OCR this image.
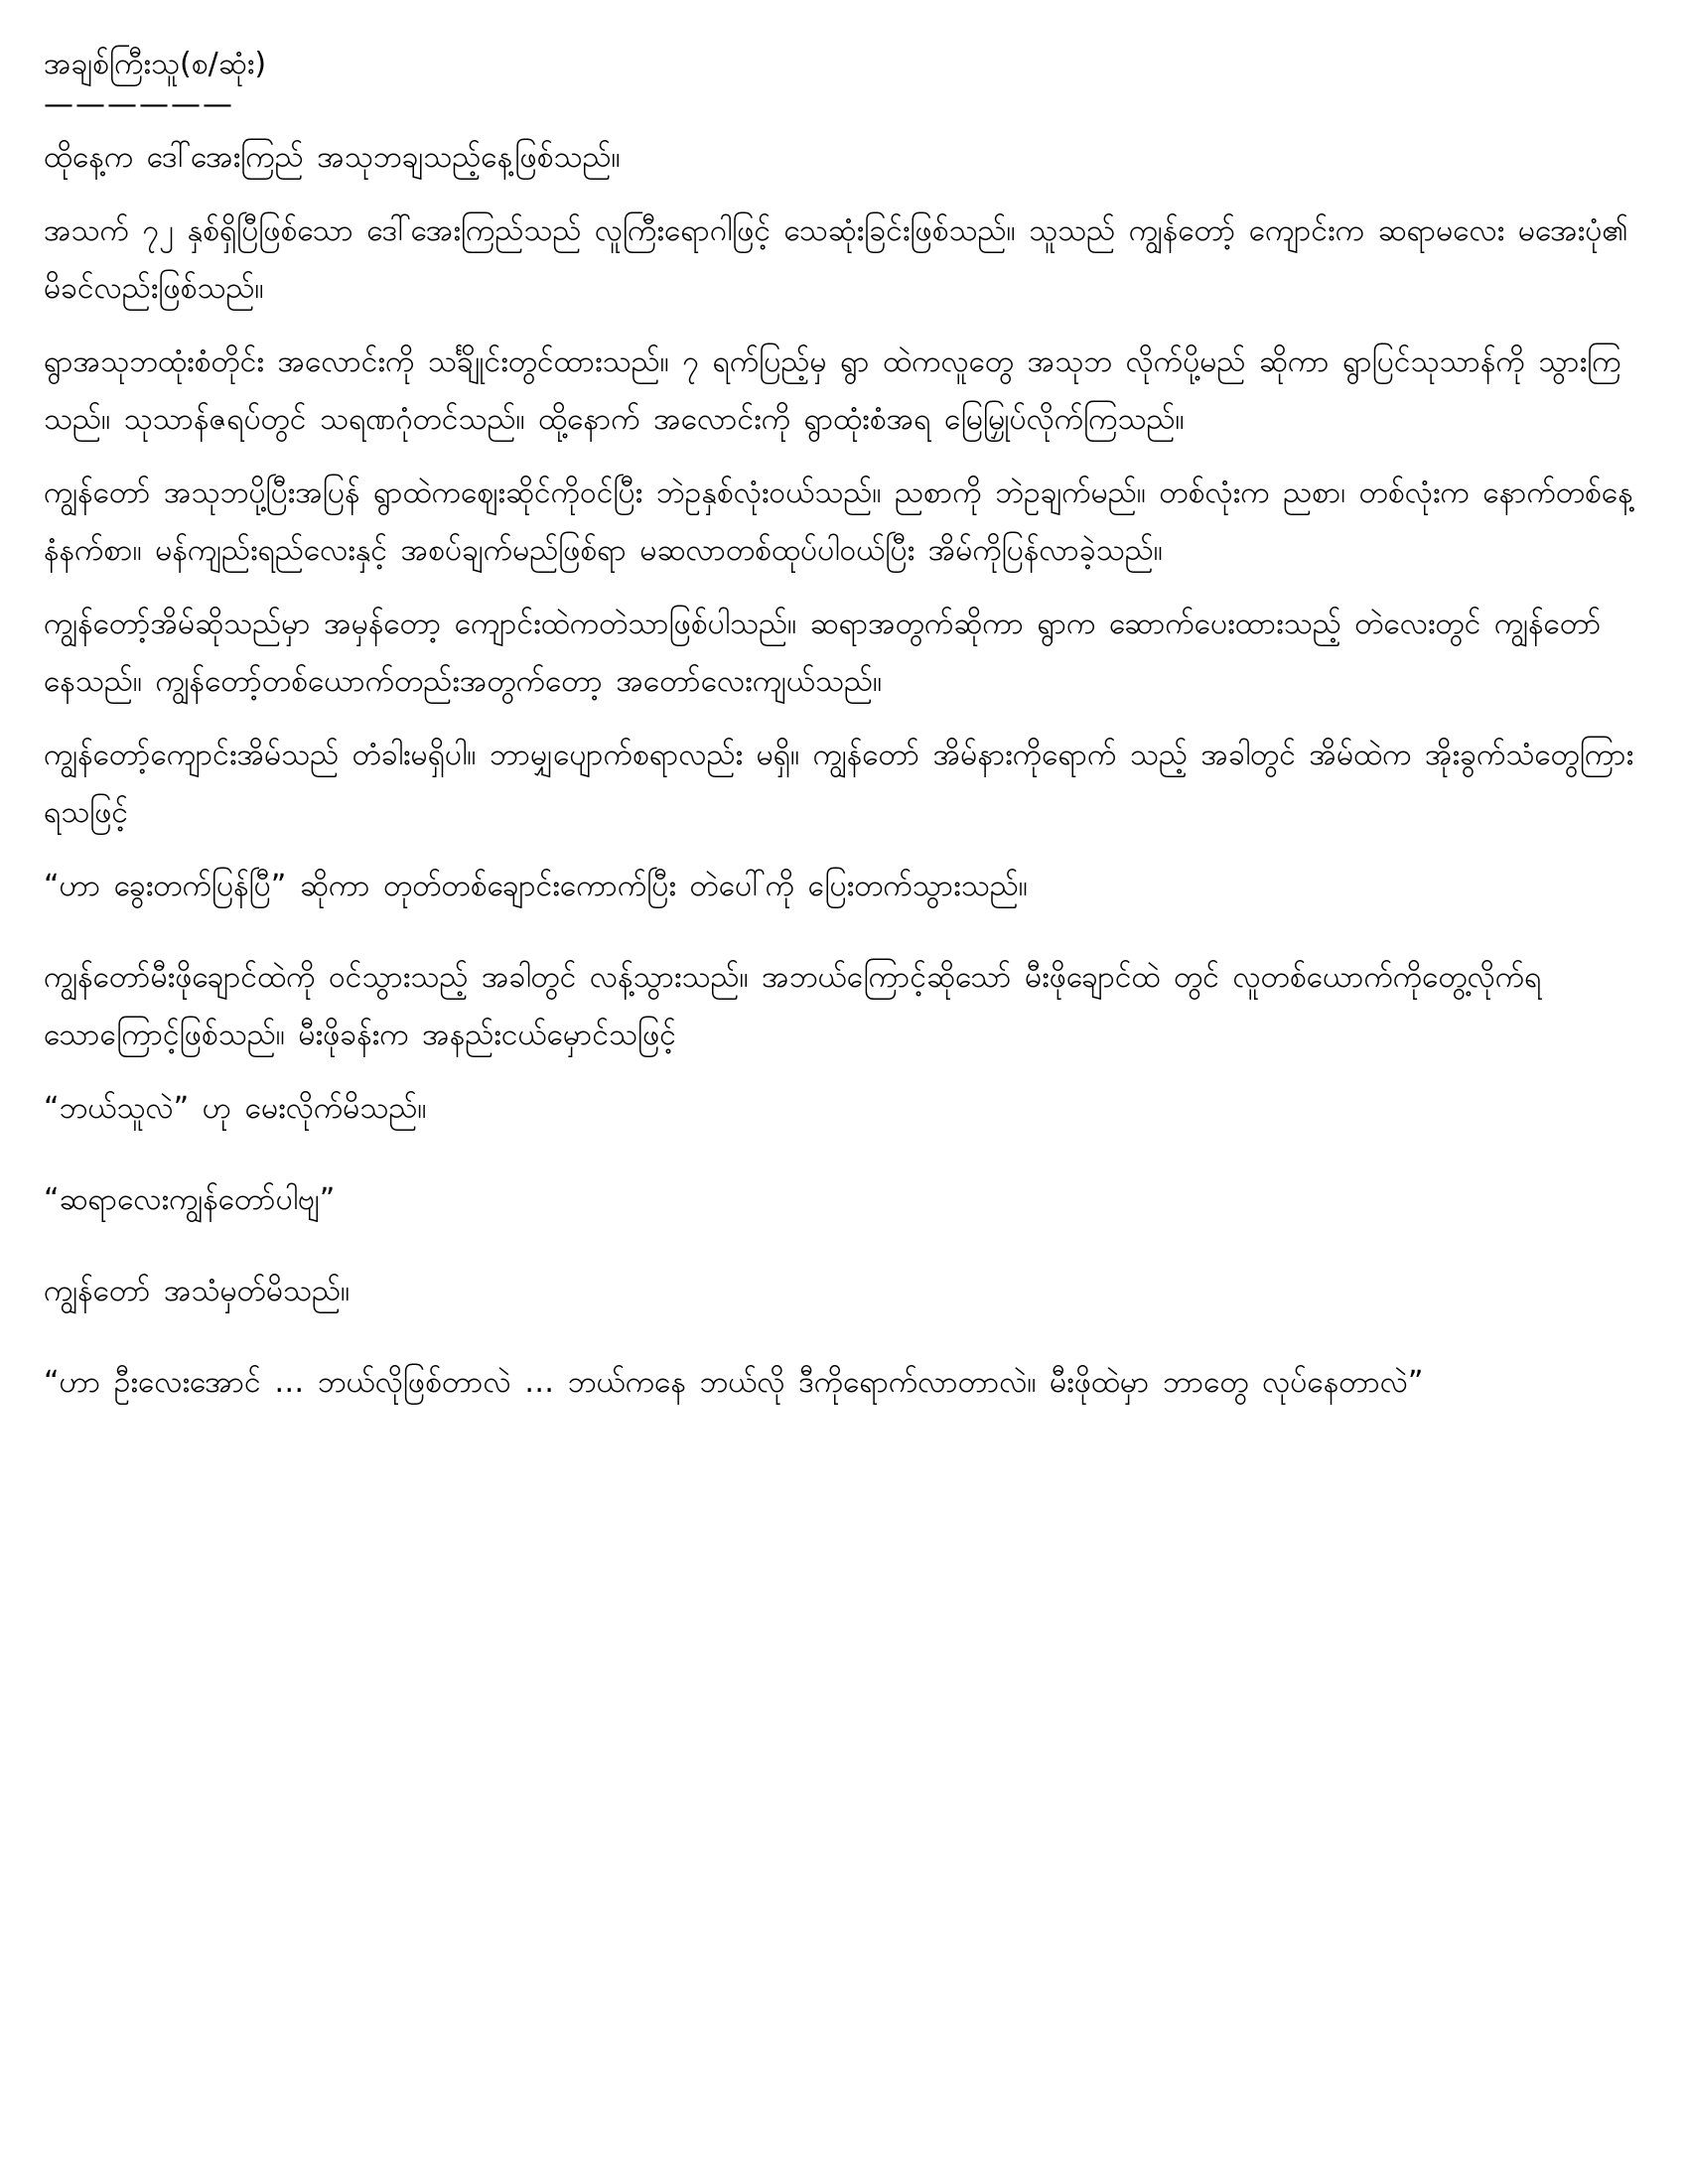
အချစ်ကြီးသူ(စ/ဆုံး)
——————

ထိုနေ့က ဒေါ်အေးကြည် အသုဘချသည့်နေ့ဖြစ်သည်။

အသက် ၇၂ နှစ်ရှိပြီဖြစ်သော ဒေါ်အေးကြည်သည် လူကြီးရောဂါဖြင့် သေဆုံးခြင်းဖြစ်သည်။ သူသည် ကျွန်တော့် ကျောင်းက ဆရာမလေး မအေးပုံ၏ မိခင်လည်းဖြစ်သည်။

ရွာအသုဘထုံးစံတိုင်း အလောင်းကို သင်္ချိုင်းတွင်ထားသည်။ ၇ ရက်ပြည့်မှ ရွာ ထဲကလူတွေ အသုဘ လိုက်ပို့မည် ဆိုကာ ရွာပြင်သုသာန်ကို သွားကြသည်။ သုသာန်ဇရပ်တွင် သရဏဂုံတင်သည်။ ထို့နောက် အလောင်းကို ရွာထုံးစံအရ မြေမြှုပ်လိုက်ကြသည်။

ကျွန်တော် အသုဘပို့ပြီးအပြန် ရွာထဲကဈေးဆိုင်ကိုဝင်ပြီး ဘဲဥနှစ်လုံးဝယ်သည်။ ညစာကို ဘဲဥချက်မည်။ တစ်လုံးက ညစာ၊ တစ်လုံးက နောက်တစ်နေ့ နံနက်စာ။ မန်ကျည်းရည်လေးနှင့် အစပ်ချက်မည်ဖြစ်ရာ မဆလာတစ်ထုပ်ပါဝယ်ပြီး အိမ်ကိုပြန်လာခဲ့သည်။

ကျွန်တော့်အိမ်ဆိုသည်မှာ အမှန်တော့ ကျောင်းထဲကတဲသာဖြစ်ပါသည်။ ဆရာအတွက်ဆိုကာ ရွာက ဆောက်ပေးထားသည့် တဲလေးတွင် ကျွန်တော်နေသည်။ ကျွန်တော့်တစ်ယောက်တည်းအတွက်တော့ အတော်လေးကျယ်သည်။

ကျွန်တော့်ကျောင်းအိမ်သည် တံခါးမရှိပါ။ ဘာမျှပျောက်စရာလည်း မရှိ။ ကျွန်တော် အိမ်နားကိုရောက် သည့် အခါတွင် အိမ်ထဲက အိုးခွက်သံတွေကြားရသဖြင့်

“ဟာ ခွေးတက်ပြန်ပြီ” ဆိုကာ တုတ်တစ်ချောင်းကောက်ပြီး တဲပေါ်ကို ပြေးတက်သွားသည်။

ကျွန်တော်မီးဖိုချောင်ထဲကို ဝင်သွားသည့် အခါတွင် လန့်သွားသည်။ အဘယ်ကြောင့်ဆိုသော် မီးဖိုချောင်ထဲ တွင် လူတစ်ယောက်ကိုတွေ့လိုက်ရသောကြောင့်ဖြစ်သည်။ မီးဖိုခန်းက အနည်းငယ်မှောင်သဖြင့်

“ဘယ်သူလဲ” ဟု မေးလိုက်မိသည်။

“ဆရာလေးကျွန်တော်ပါဗျ”

ကျွန်တော် အသံမှတ်မိသည်။

“ဟာ ဦးလေးအောင် … ဘယ်လိုဖြစ်တာလဲ … ဘယ်ကနေ ဘယ်လို ဒီကိုရောက်လာတာလဲ။ မီးဖိုထဲမှာ ဘာတွေ လုပ်နေတာလဲ”
